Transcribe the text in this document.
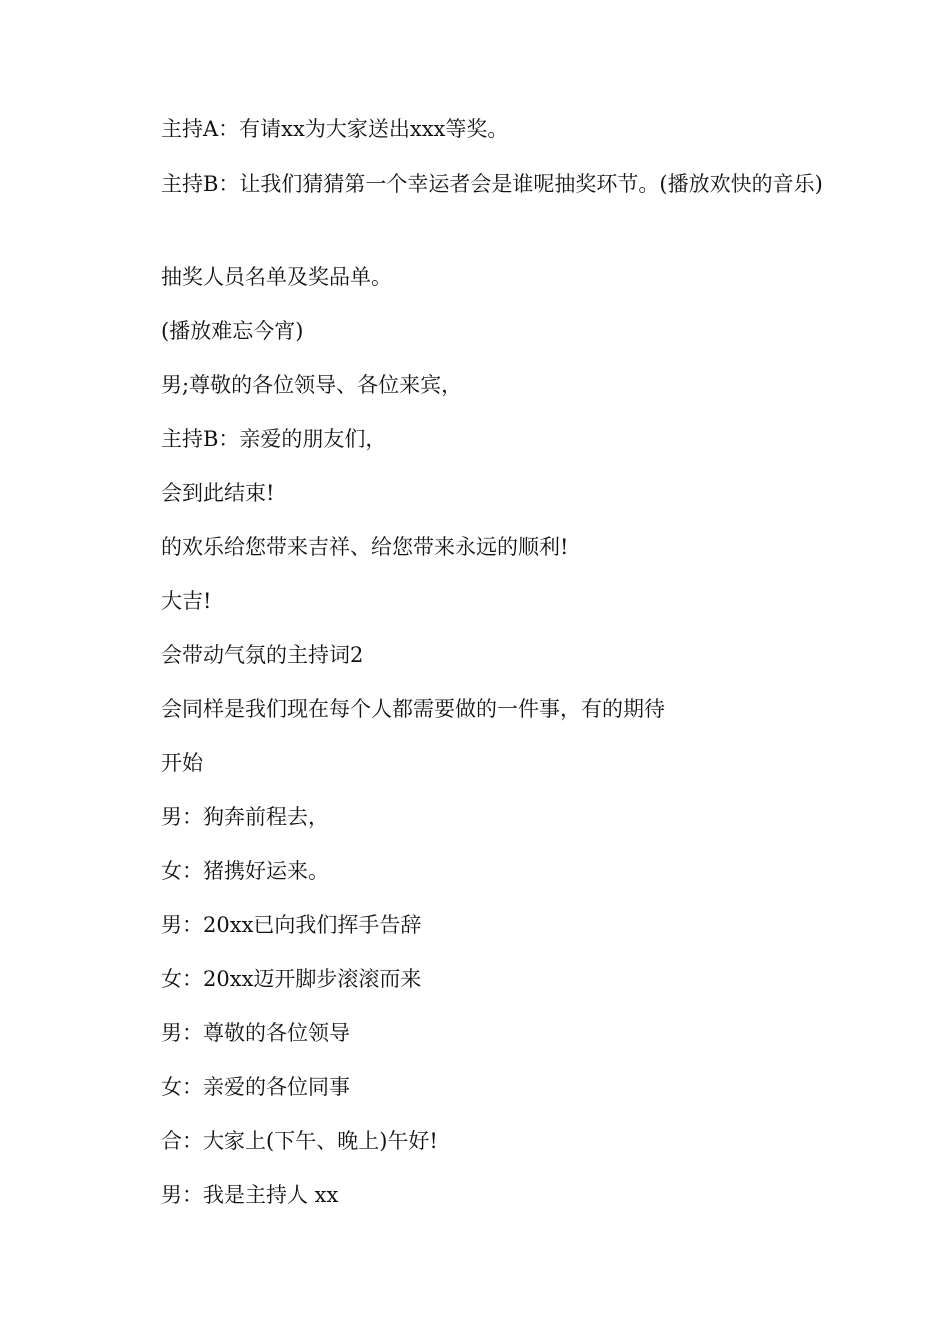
主持A：有请xx为大家送出xxx等奖。

主持B：让我们猜猜第一个幸运者会是谁呢抽奖环节。(播放欢快的音乐)

抽奖人员名单及奖品单。

(播放难忘今宵)

男;尊敬的各位领导、各位来宾，

主持B：亲爱的朋友们，

会到此结束!

的欢乐给您带来吉祥、给您带来永远的顺利!

大吉!

会带动气氛的主持词2

会同样是我们现在每个人都需要做的一件事，有的期待

开始

男：狗奔前程去，

女：猪携好运来。

男：20xx已向我们挥手告辞

女：20xx迈开脚步滚滚而来

男：尊敬的各位领导

女：亲爱的各位同事

合：大家上(下午、晚上)午好!

男：我是主持人 xx
